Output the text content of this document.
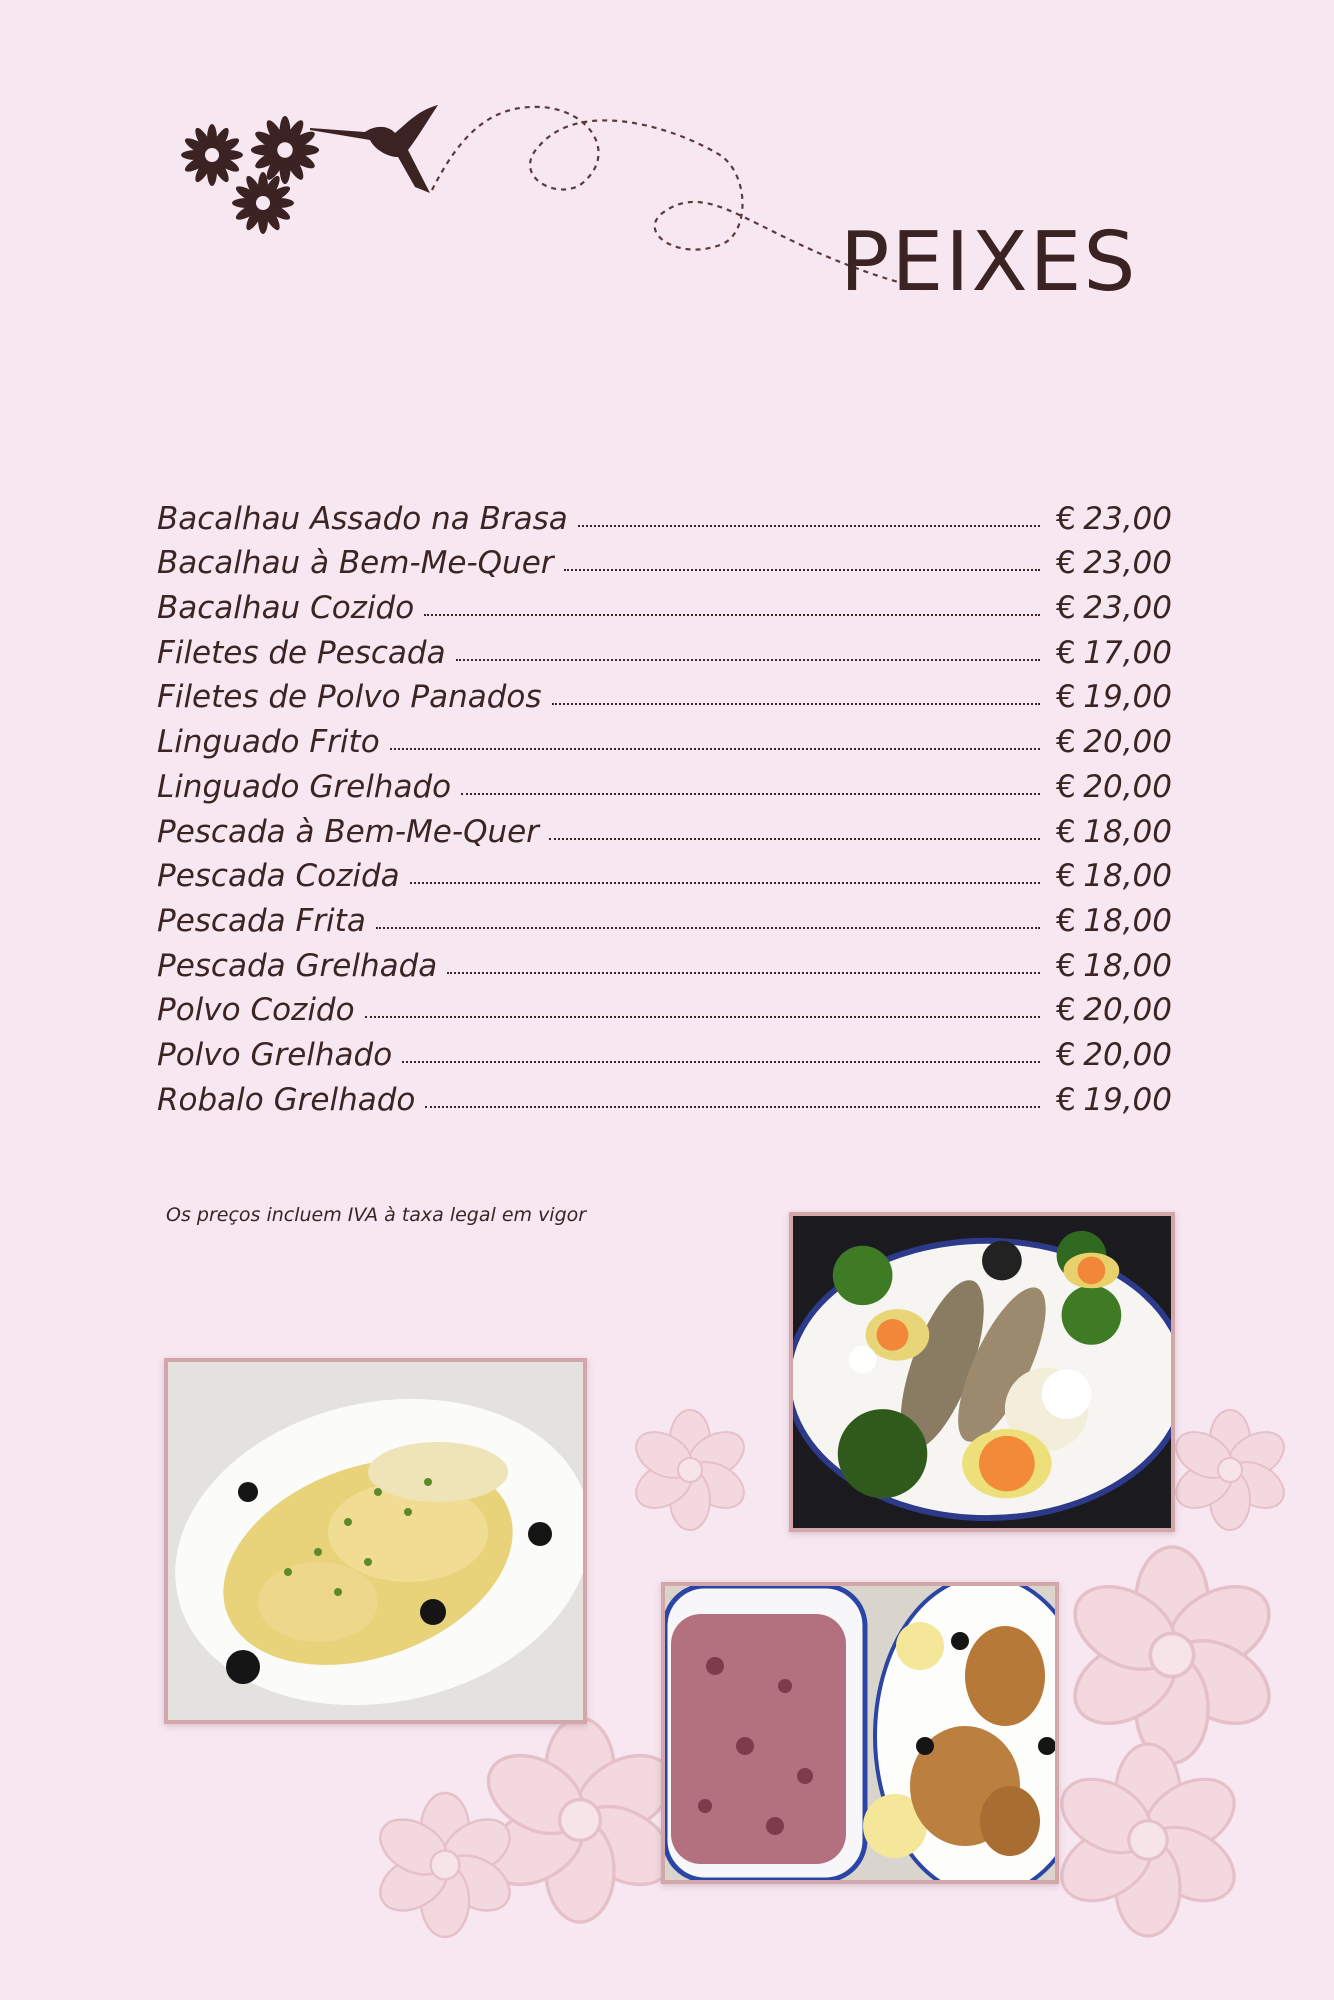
PEIXES
Bacalhau Assado na Brasa	€ 23,00
Bacalhau à Bem-Me-Quer	€ 23,00
Bacalhau Cozido	€ 23,00
Filetes de Pescada	€ 17,00
Filetes de Polvo Panados	€ 19,00
Linguado Frito	€ 20,00
Linguado Grelhado	€ 20,00
Pescada à Bem-Me-Quer	€ 18,00
Pescada Cozida	€ 18,00
Pescada Frita	€ 18,00
Pescada Grelhada	€ 18,00
Polvo Cozido	€ 20,00
Polvo Grelhado	€ 20,00
Robalo Grelhado	€ 19,00
Os preços incluem IVA à taxa legal em vigor
